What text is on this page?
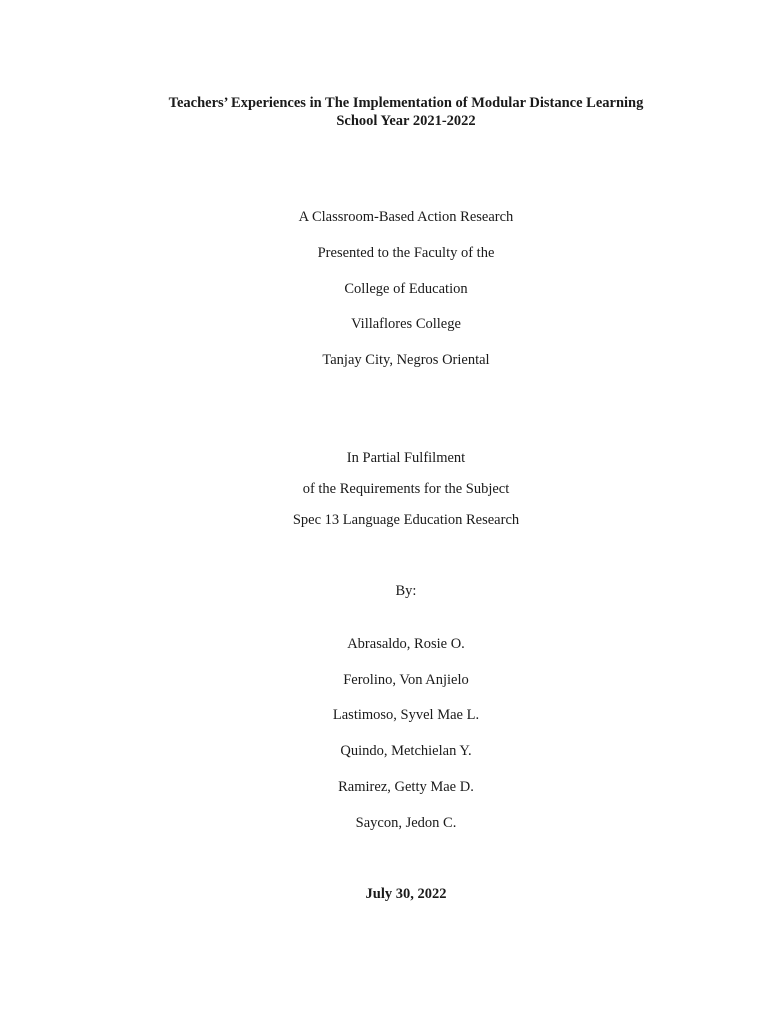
Teachers’ Experiences in The Implementation of Modular Distance Learning
School Year 2021-2022
A Classroom-Based Action Research
Presented to the Faculty of the
College of Education
Villaflores College
Tanjay City, Negros Oriental
In Partial Fulfilment
of the Requirements for the Subject
Spec 13 Language Education Research
By:
Abrasaldo, Rosie O.
Ferolino, Von Anjielo
Lastimoso, Syvel Mae L.
Quindo, Metchielan Y.
Ramirez, Getty Mae D.
Saycon, Jedon C.
July 30, 2022
